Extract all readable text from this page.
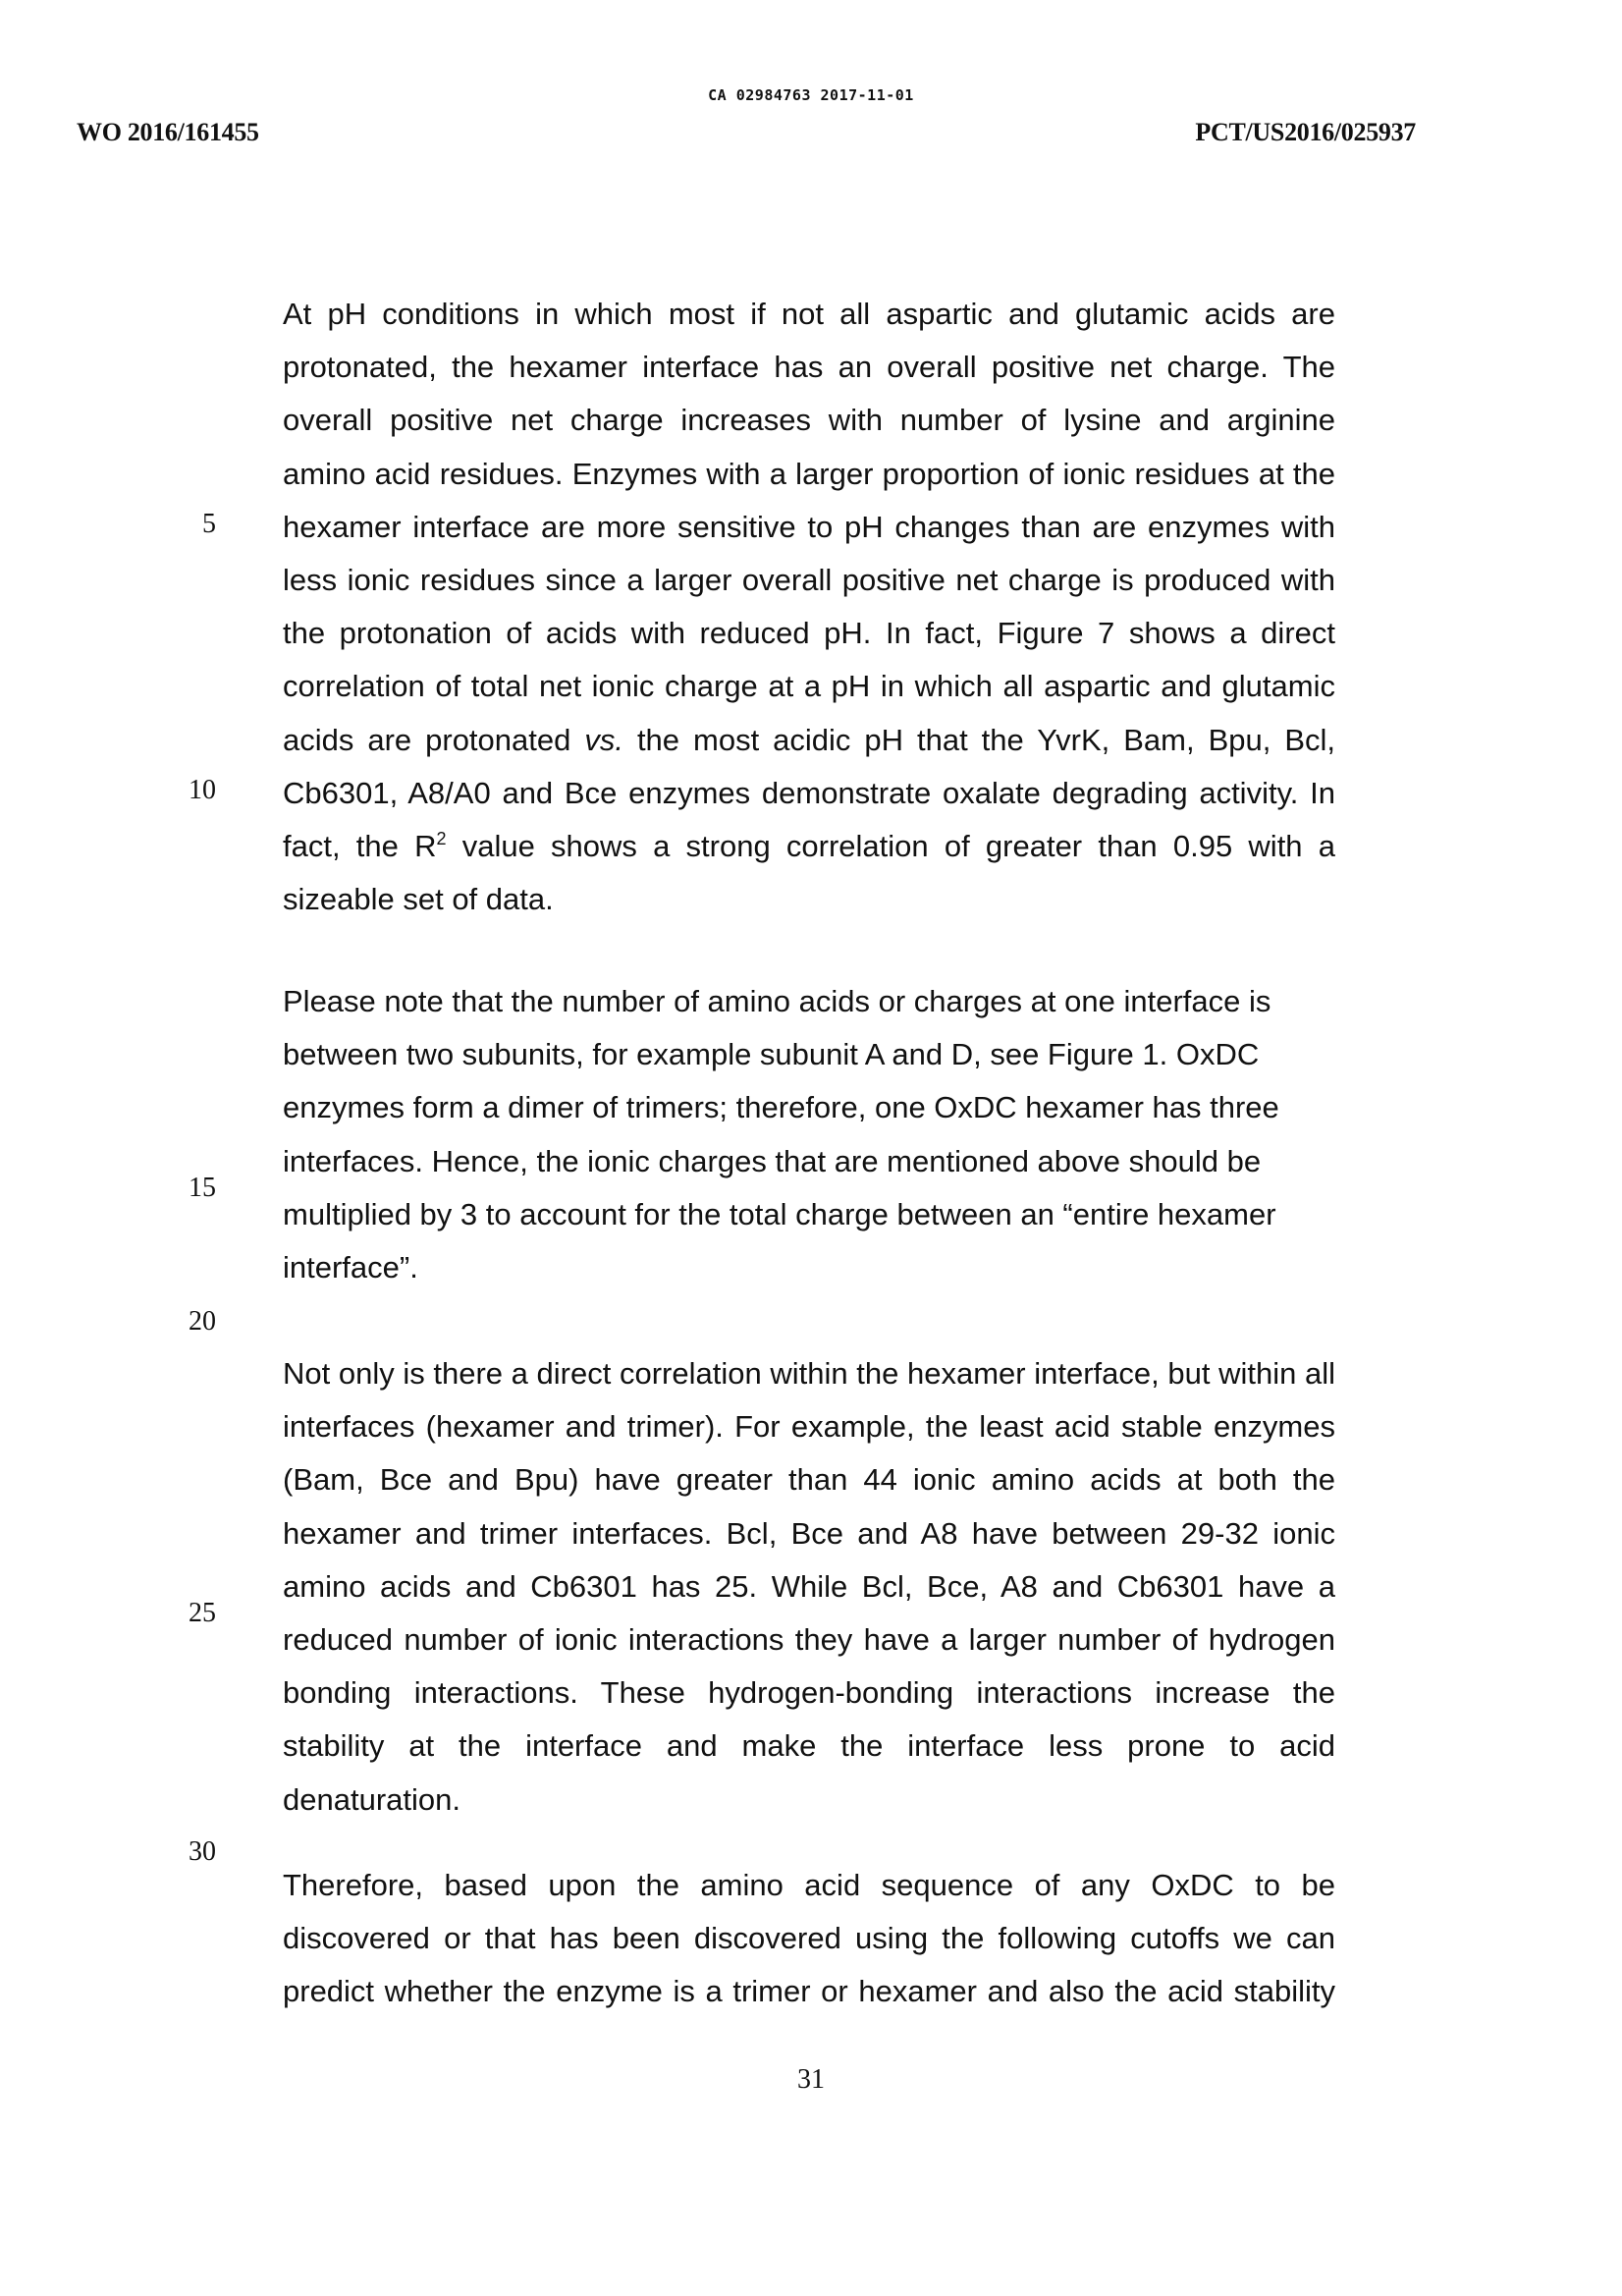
CA 02984763 2017-11-01
WO 2016/161455	PCT/US2016/025937
5
10
15
20
25
30
At pH conditions in which most if not all aspartic and glutamic acids are
protonated, the hexamer interface has an overall positive net charge. The
overall positive net charge increases with number of lysine and arginine
amino acid residues. Enzymes with a larger proportion of ionic residues at the
hexamer interface are more sensitive to pH changes than are enzymes with
less ionic residues since a larger overall positive net charge is produced with
the protonation of acids with reduced pH. In fact, Figure 7 shows a direct
correlation of total net ionic charge at a pH in which all aspartic and glutamic
acids are protonated vs. the most acidic pH that the YvrK, Bam, Bpu, Bcl,
Cb6301, A8/A0 and Bce enzymes demonstrate oxalate degrading activity. In
fact, the $R^2$ value shows a strong correlation of greater than 0.95 with a
sizeable set of data.
Please note that the number of amino acids or charges at one interface is
between two subunits, for example subunit A and D, see Figure 1. OxDC
enzymes form a dimer of trimers; therefore, one OxDC hexamer has three
interfaces. Hence, the ionic charges that are mentioned above should be
multiplied by 3 to account for the total charge between an “entire hexamer
interface”.
Not only is there a direct correlation within the hexamer interface, but within all
interfaces (hexamer and trimer). For example, the least acid stable enzymes
(Bam, Bce and Bpu) have greater than 44 ionic amino acids at both the
hexamer and trimer interfaces. Bcl, Bce and A8 have between 29-32 ionic
amino acids and Cb6301 has 25. While Bcl, Bce, A8 and Cb6301 have a
reduced number of ionic interactions they have a larger number of hydrogen
bonding interactions. These hydrogen-bonding interactions increase the
stability at the interface and make the interface less prone to acid
denaturation.
Therefore, based upon the amino acid sequence of any OxDC to be
discovered or that has been discovered using the following cutoffs we can
predict whether the enzyme is a trimer or hexamer and also the acid stability
31
